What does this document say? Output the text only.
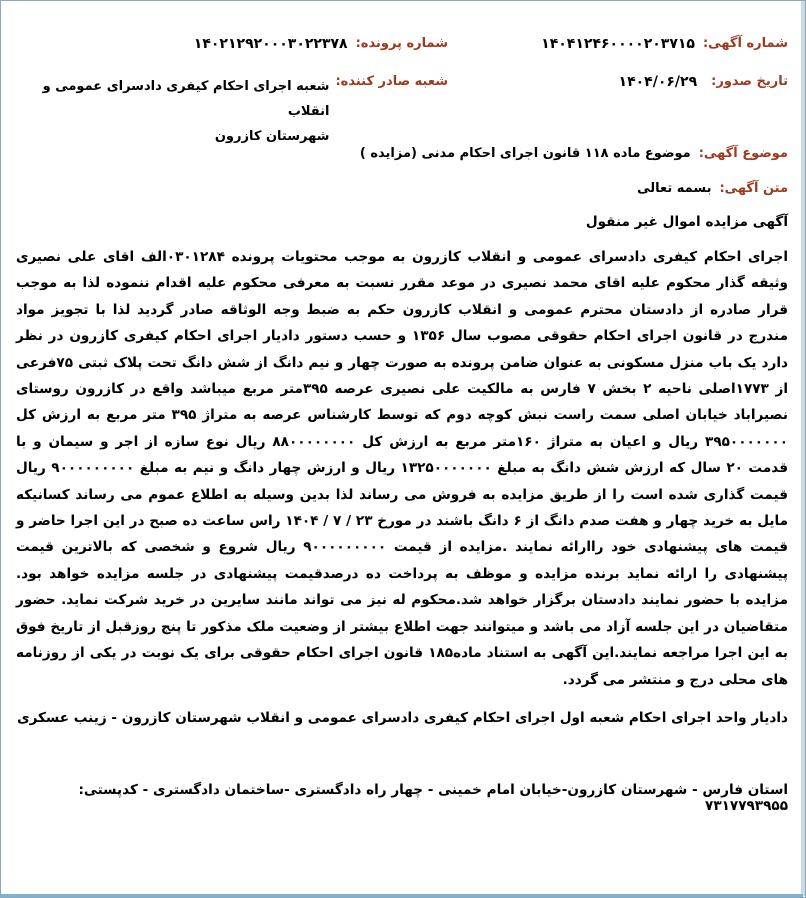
شماره آگهی:
۱۴۰۴۱۲۴۶۰۰۰۰۲۰۳۷۱۵
شماره پرونده:
۱۴۰۲۱۲۹۲۰۰۰۳۰۲۲۳۷۸
تاریخ صدور:
۱۴۰۴/۰۶/۲۹
شعبه صادر کننده:
شعبه اجرای احکام کیفری دادسرای عمومی و انقلاب
شهرستان کازرون
موضوع آگهی:
موضوع ماده ۱۱۸ قانون اجرای احکام مدنی (مزایده )
متن آگهی:
بسمه تعالی
آگهی مزایده اموال غیر منقول
اجرای احکام کیفری دادسرای عمومی و انقلاب کازرون به موجب محتویات پرونده ۰۳۰۱۲۸۴الف اقای علی نصیری وثیقه گذار محکوم علیه اقای محمد نصیری در موعد مقرر نسبت به معرفی محکوم علیه اقدام ننموده لذا به موجب قرار صادره از دادستان محترم عمومی و انقلاب کازرون حکم به ضبط وجه الوثاقه صادر گردید لذا با تجویز مواد مندرج در قانون اجرای احکام حقوقی مصوب سال ۱۳۵۶ و حسب دستور دادیار اجرای احکام کیفری کازرون در نظر دارد یک باب منزل مسکونی به عنوان ضامن پرونده به صورت چهار و نیم دانگ از شش دانگ تحت پلاک ثبتی ۷۵فرعی از ۱۷۷۳اصلی ناحیه ۲ بخش ۷ فارس به مالکیت علی نصیری عرصه ۳۹۵متر مربع میباشد واقع در کازرون روستای نصیراباد خیابان اصلی سمت راست نبش کوچه دوم که توسط کارشناس عرصه به متراژ ۳۹۵ متر مربع به ارزش کل ۳۹۵۰۰۰۰۰۰۰ ریال و اعیان به متراژ ۱۶۰متر مربع به ارزش کل ۸۸۰۰۰۰۰۰۰۰ ریال نوع سازه از اجر و سیمان و با قدمت ۲۰ سال که ارزش شش دانگ به مبلغ ۱۳۲۵۰۰۰۰۰۰۰ ریال و ارزش چهار دانگ و نیم به مبلغ ۹۰۰۰۰۰۰۰۰۰ ریال قیمت گذاری شده است را از طریق مزایده به فروش می رساند لذا بدین وسیله به اطلاع عموم می رساند کسانیکه مایل به خرید چهار و هفت صدم دانگ از ۶ دانگ باشند در مورخ ۲۳ / ۷ / ۱۴۰۴ راس ساعت ده صبح در این اجرا حاضر و قیمت های پیشنهادی خود راارائه نمایند .مزایده از قیمت ۹۰۰۰۰۰۰۰۰۰ ریال شروع و شخصی که بالاترین قیمت پیشنهادی را ارائه نماید برنده مزایده و موظف به پرداخت ده درصدقیمت پیشنهادی در جلسه مزایده خواهد بود. مزایده با حضور نمایند دادستان برگزار خواهد شد.محکوم له نیز می تواند مانند سایرین در خرید شرکت نماید. حضور متقاضیان در این جلسه آزاد می باشد و میتوانند جهت اطلاع بیشتر از وضعیت ملک مذکور تا پنج روزقبل از تاریخ فوق به این اجرا مراجعه نمایند.این آگهی به استناد ماده۱۸۵ قانون اجرای احکام حقوقی برای یک نوبت در یکی از روزنامه های محلی درج و منتشر می گردد.
دادیار واحد اجرای احکام شعبه اول اجرای احکام کیفری دادسرای عمومی و انقلاب شهرستان کازرون - زینب عسکری
استان فارس - شهرستان کازرون-خیابان امام خمینی - چهار راه دادگستری -ساختمان دادگستری - کدپستی: ۷۳۱۷۷۹۳۹۵۵
